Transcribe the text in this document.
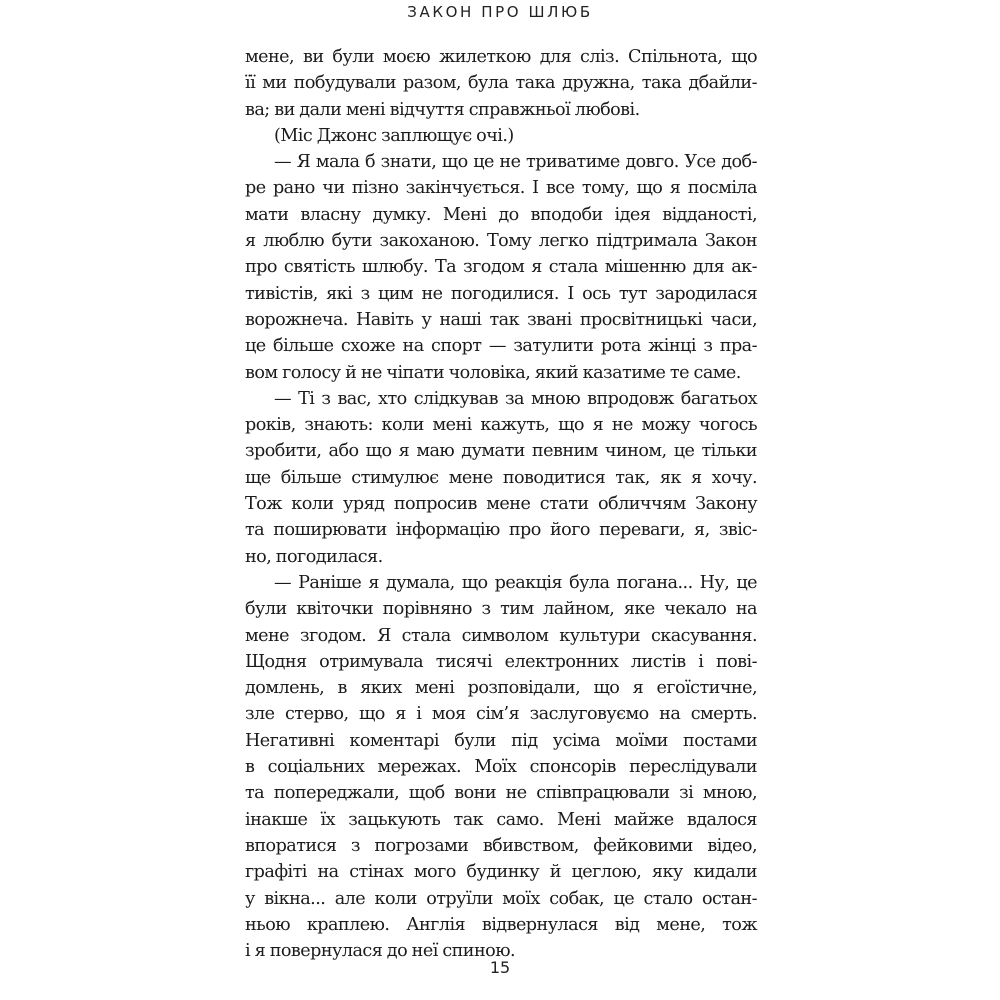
ЗАКОН ПРО ШЛЮБ
мене, ви були моєю жилеткою для сліз. Спільнота, що
її ми побудували разом, була така дружна, така дбайли-
ва; ви дали мені відчуття справжньої любові.
(Міс Джонс заплющує очі.)
— Я мала б знати, що це не триватиме довго. Усе доб-
ре рано чи пізно закінчується. І все тому, що я посміла
мати власну думку. Мені до вподоби ідея відданості,
я люблю бути закоханою. Тому легко підтримала Закон
про святість шлюбу. Та згодом я стала мішенню для ак-
тивістів, які з цим не погодилися. І ось тут зародилася
ворожнеча. Навіть у наші так звані просвітницькі часи,
це більше схоже на спорт — затулити рота жінці з пра-
вом голосу й не чіпати чоловіка, який казатиме те саме.
— Ті з вас, хто слідкував за мною впродовж багатьох
років, знають: коли мені кажуть, що я не можу чогось
зробити, або що я маю думати певним чином, це тільки
ще більше стимулює мене поводитися так, як я хочу.
Тож коли уряд попросив мене стати обличчям Закону
та поширювати інформацію про його переваги, я, звіс-
но, погодилася.
— Раніше я думала, що реакція була погана... Ну, це
були квіточки порівняно з тим лайном, яке чекало на
мене згодом. Я стала символом культури скасування.
Щодня отримувала тисячі електронних листів і пові-
домлень, в яких мені розповідали, що я егоїстичне,
зле стерво, що я і моя сім’я заслуговуємо на смерть.
Негативні коментарі були під усіма моїми постами
в соціальних мережах. Моїх спонсорів переслідували
та попереджали, щоб вони не співпрацювали зі мною,
інакше їх зацькують так само. Мені майже вдалося
впоратися з погрозами вбивством, фейковими відео,
графіті на стінах мого будинку й цеглою, яку кидали
у вікна... але коли отруїли моїх собак, це стало остан-
ньою краплею. Англія відвернулася від мене, тож
і я повернулася до неї спиною.
15
